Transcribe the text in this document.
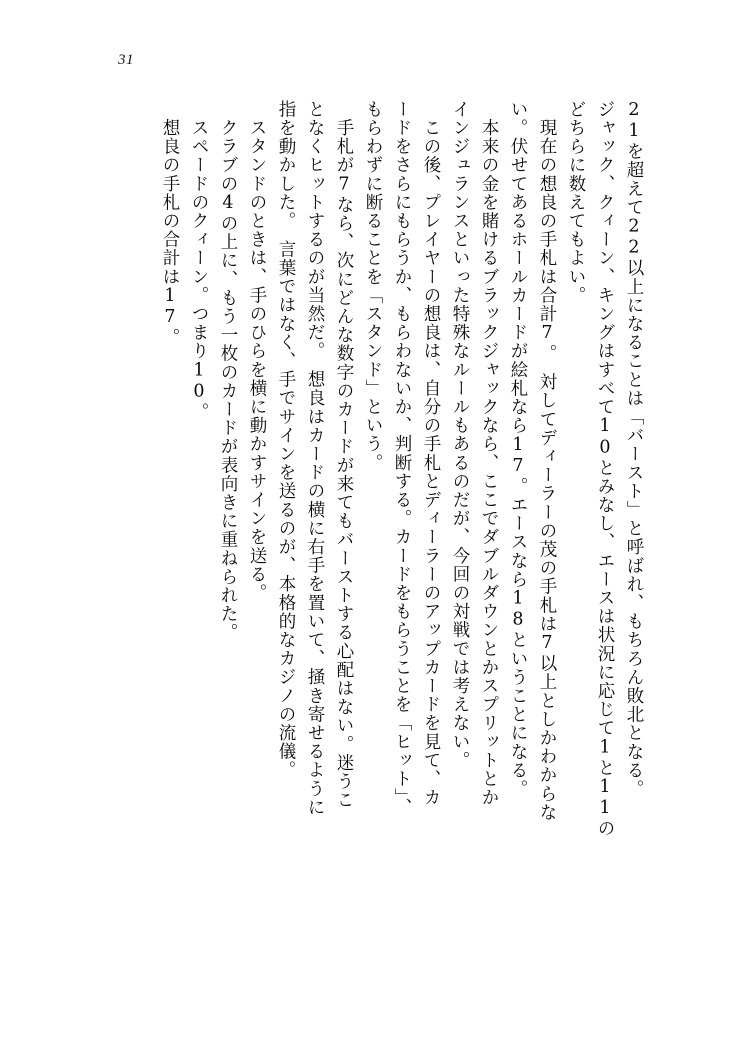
31
21を超えて22以上になることは「バースト」と呼ばれ、もちろん敗北となる。
ジャック、クィーン、キングはすべて10とみなし、エースは状況に応じて1と11の
どちらに数えてもよい。
　現在の想良の手札は合計7。　対してディーラーの茂の手札は7以上としかわからな
い。伏せてあるホールカードが絵札なら17。エースなら18ということになる。
　本来の金を賭けるブラックジャックなら、ここでダブルダウンとかスプリットとか
インジュランスといった特殊なルールもあるのだが、今回の対戦では考えない。
　この後、プレイヤーの想良は、自分の手札とディーラーのアップカードを見て、カ
ードをさらにもらうか、もらわないか、判断する。カードをもらうことを「ヒット」、
もらわずに断ることを「スタンド」という。
　手札が7なら、次にどんな数字のカードが来てもバーストする心配はない。迷うこ
となくヒットするのが当然だ。　想良はカードの横に右手を置いて、掻き寄せるように
指を動かした。　言葉ではなく、手でサインを送るのが、本格的なカジノの流儀。
　スタンドのときは、手のひらを横に動かすサインを送る。
　クラブの4の上に、もう一枚のカードが表向きに重ねられた。
　スペードのクィーン。つまり10。
　想良の手札の合計は17。
